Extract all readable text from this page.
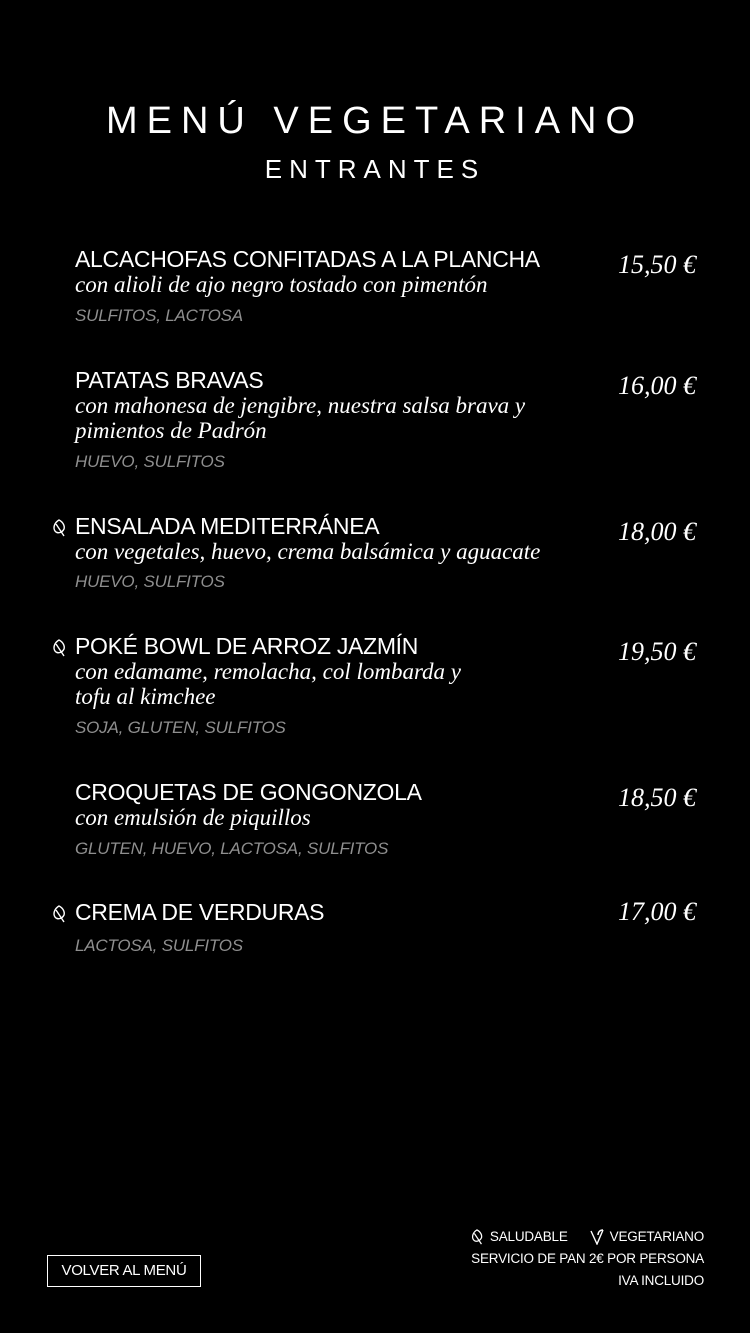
MENÚ VEGETARIANO
ENTRANTES
ALCACHOFAS CONFITADAS A LA PLANCHA
con alioli de ajo negro tostado con pimentón
SULFITOS, LACTOSA
15,50 €
PATATAS BRAVAS
con mahonesa de jengibre, nuestra salsa brava y pimientos de Padrón
HUEVO, SULFITOS
16,00 €
ENSALADA MEDITERRÁNEA
con vegetales, huevo, crema balsámica y aguacate
HUEVO, SULFITOS
18,00 €
POKÉ BOWL DE ARROZ JAZMÍN
con edamame, remolacha, col lombarda y tofu al kimchee
SOJA, GLUTEN, SULFITOS
19,50 €
CROQUETAS DE GONGONZOLA
con emulsión de piquillos
GLUTEN, HUEVO, LACTOSA, SULFITOS
18,50 €
CREMA DE VERDURAS
LACTOSA, SULFITOS
17,00 €
VOLVER AL MENÚ
SALUDABLE	VEGETARIANO
SERVICIO DE PAN 2€ POR PERSONA
IVA INCLUIDO
